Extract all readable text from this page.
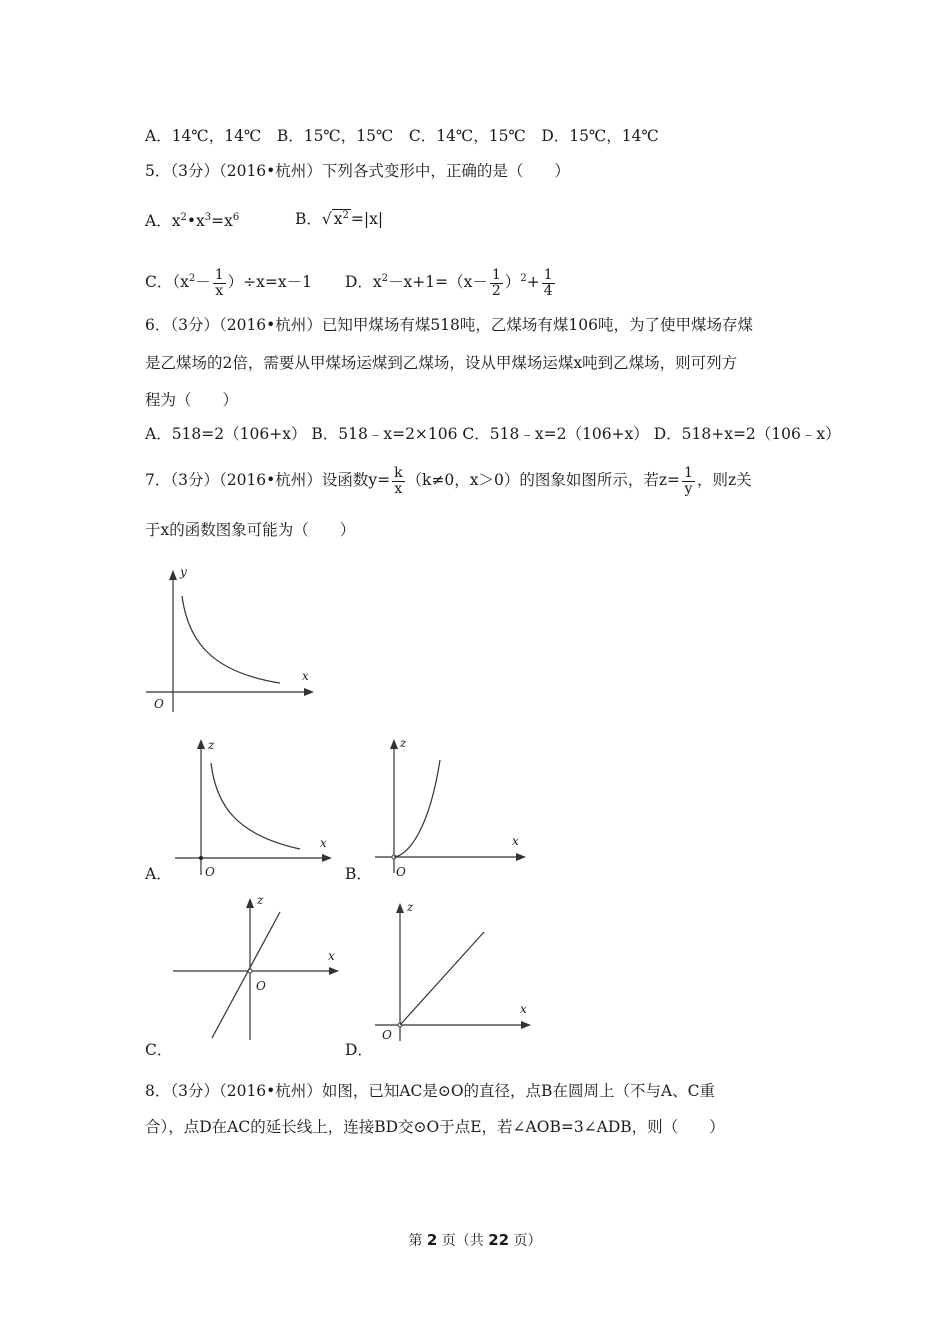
A．14℃，14℃　B．15℃，15℃　C．14℃，15℃　D．15℃，14℃
5．（3分）（2016•杭州）下列各式变形中，正确的是（　　）
A．$x^2•x^3=x^6$	B．√ $x^2 =|x|$
C．$(x^2- \frac{1}{x} )\div x=x-1$ D．$x^2-x+1=(x- \frac{1}{2} )^2+ \frac{1}{4}$
6．（3分）（2016•杭州）已知甲煤场有煤518吨，乙煤场有煤106吨，为了使甲煤场存煤
是乙煤场的2倍，需要从甲煤场运煤到乙煤场，设从甲煤场运煤x吨到乙煤场，则可列方
程为（　　）
A．518=2（106+x） B．518﹣x=2×106 C．518﹣x=2（106+x） D．518+x=2（106﹣x）
7．（3分）（2016•杭州）设函数$y= \frac{k}{x} (k\ne 0$，x＞0）的图象如图所示，若$z= \frac{1}{y}$ ，则z关
于x的函数图象可能为（　　）
y
x
O
A．
z
x
O	B．
z
x
O
C．
z
x
O
D．
z
x
O
8．（3分）（2016•杭州）如图，已知AC是⊙O的直径，点B在圆周上（不与A、C重
合），点D在AC的延长线上，连接BD交⊙O于点E，若∠AOB=3∠ADB，则（　　）
第 2 页（共 22 页）
